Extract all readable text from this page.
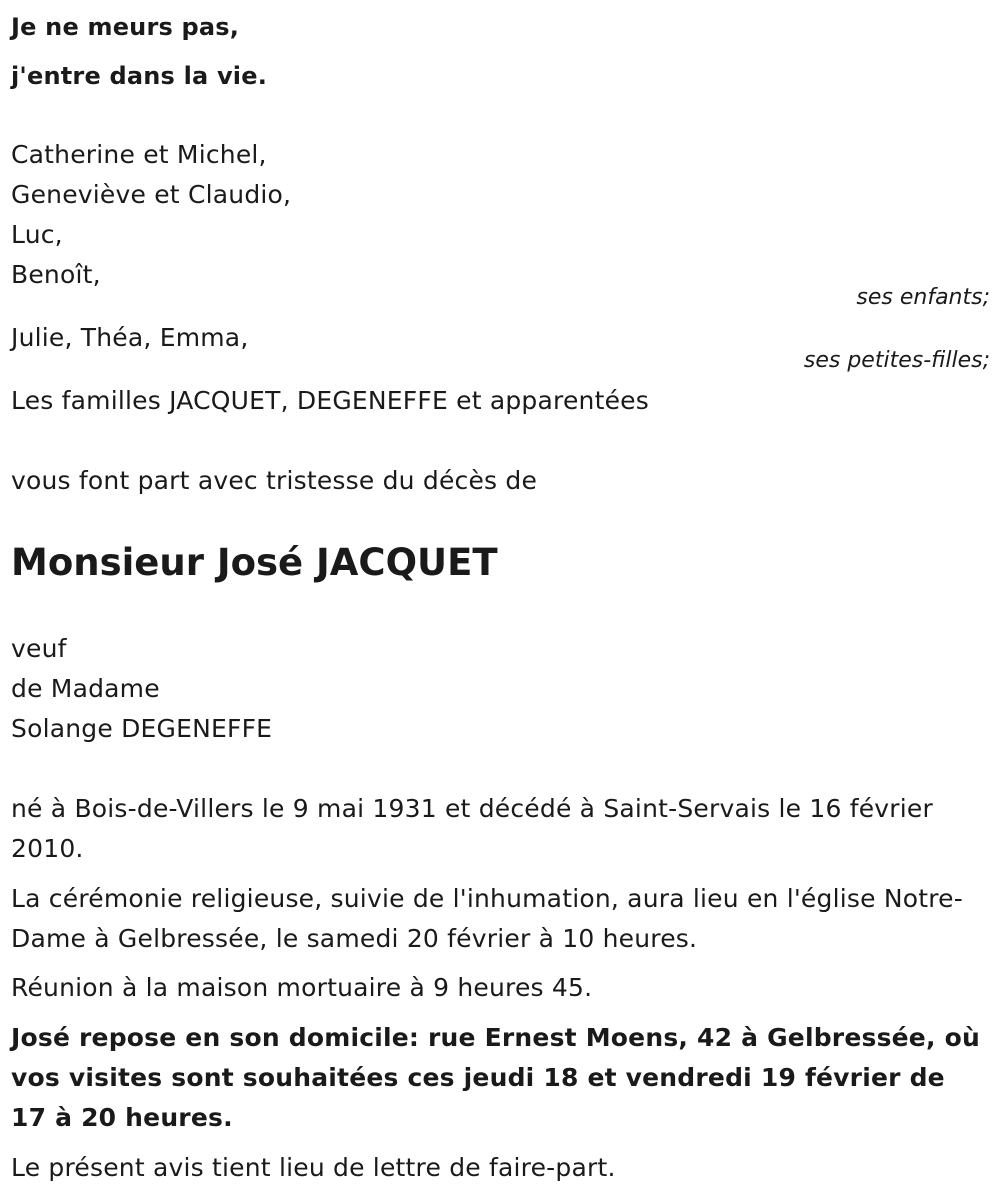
Je ne meurs pas,
j'entre dans la vie.
Catherine et Michel,
Geneviève et Claudio,
Luc,
Benoît,
ses enfants;
Julie, Théa, Emma,
ses petites-filles;
Les familles JACQUET, DEGENEFFE et apparentées
vous font part avec tristesse du décès de
Monsieur José JACQUET
veuf
de Madame
Solange DEGENEFFE
né à Bois-de-Villers le 9 mai 1931 et décédé à Saint-Servais le 16 février 2010.
La cérémonie religieuse, suivie de l'inhumation, aura lieu en l'église Notre-Dame à Gelbressée, le samedi 20 février à 10 heures.
Réunion à la maison mortuaire à 9 heures 45.
José repose en son domicile: rue Ernest Moens, 42 à Gelbressée, où vos visites sont souhaitées ces jeudi 18 et vendredi 19 février de 17 à 20 heures.
Le présent avis tient lieu de lettre de faire-part.
